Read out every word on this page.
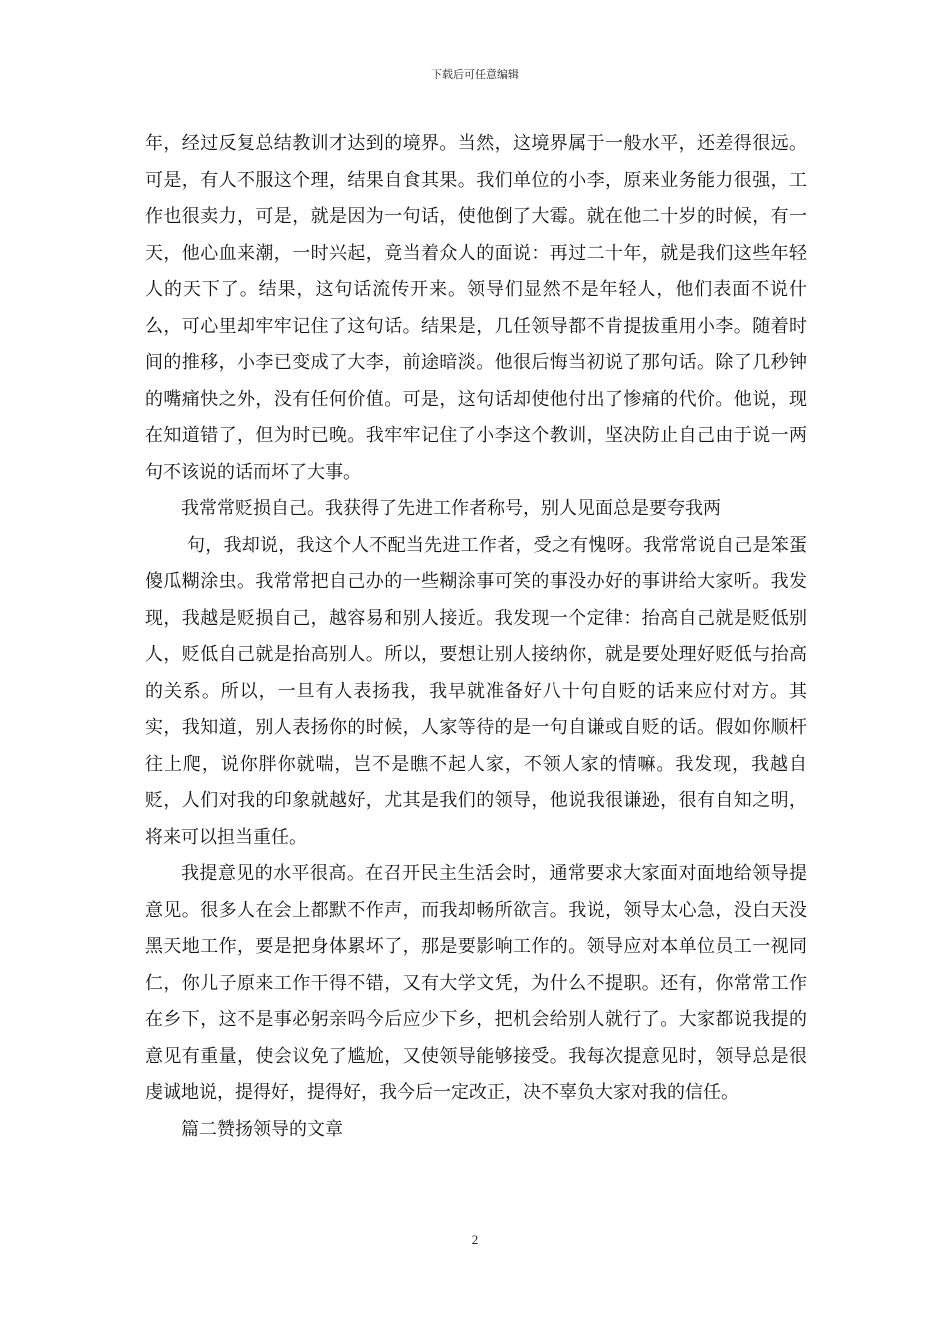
下载后可任意编辑

年，经过反复总结教训才达到的境界。当然，这境界属于一般水平，还差得很远。可是，有人不服这个理，结果自食其果。我们单位的小李，原来业务能力很强，工作也很卖力，可是，就是因为一句话，使他倒了大霉。就在他二十岁的时候，有一天，他心血来潮，一时兴起，竟当着众人的面说：再过二十年，就是我们这些年轻人的天下了。结果，这句话流传开来。领导们显然不是年轻人，他们表面不说什么，可心里却牢牢记住了这句话。结果是，几任领导都不肯提拔重用小李。随着时间的推移，小李已变成了大李，前途暗淡。他很后悔当初说了那句话。除了几秒钟的嘴痛快之外，没有任何价值。可是，这句话却使他付出了惨痛的代价。他说，现在知道错了，但为时已晚。我牢牢记住了小李这个教训，坚决防止自己由于说一两句不该说的话而坏了大事。

我常常贬损自己。我获得了先进工作者称号，别人见面总是要夸我两

句，我却说，我这个人不配当先进工作者，受之有愧呀。我常常说自己是笨蛋傻瓜糊涂虫。我常常把自己办的一些糊涂事可笑的事没办好的事讲给大家听。我发现，我越是贬损自己，越容易和别人接近。我发现一个定律：抬高自己就是贬低别人，贬低自己就是抬高别人。所以，要想让别人接纳你，就是要处理好贬低与抬高的关系。所以，一旦有人表扬我，我早就准备好八十句自贬的话来应付对方。其实，我知道，别人表扬你的时候，人家等待的是一句自谦或自贬的话。假如你顺杆往上爬，说你胖你就喘，岂不是瞧不起人家，不领人家的情嘛。我发现，我越自贬，人们对我的印象就越好，尤其是我们的领导，他说我很谦逊，很有自知之明，将来可以担当重任。

我提意见的水平很高。在召开民主生活会时，通常要求大家面对面地给领导提意见。很多人在会上都默不作声，而我却畅所欲言。我说，领导太心急，没白天没黑天地工作，要是把身体累坏了，那是要影响工作的。领导应对本单位员工一视同仁，你儿子原来工作干得不错，又有大学文凭，为什么不提职。还有，你常常工作在乡下，这不是事必躬亲吗今后应少下乡，把机会给别人就行了。大家都说我提的意见有重量，使会议免了尴尬，又使领导能够接受。我每次提意见时，领导总是很虔诚地说，提得好，提得好，我今后一定改正，决不辜负大家对我的信任。

篇二赞扬领导的文章

2
